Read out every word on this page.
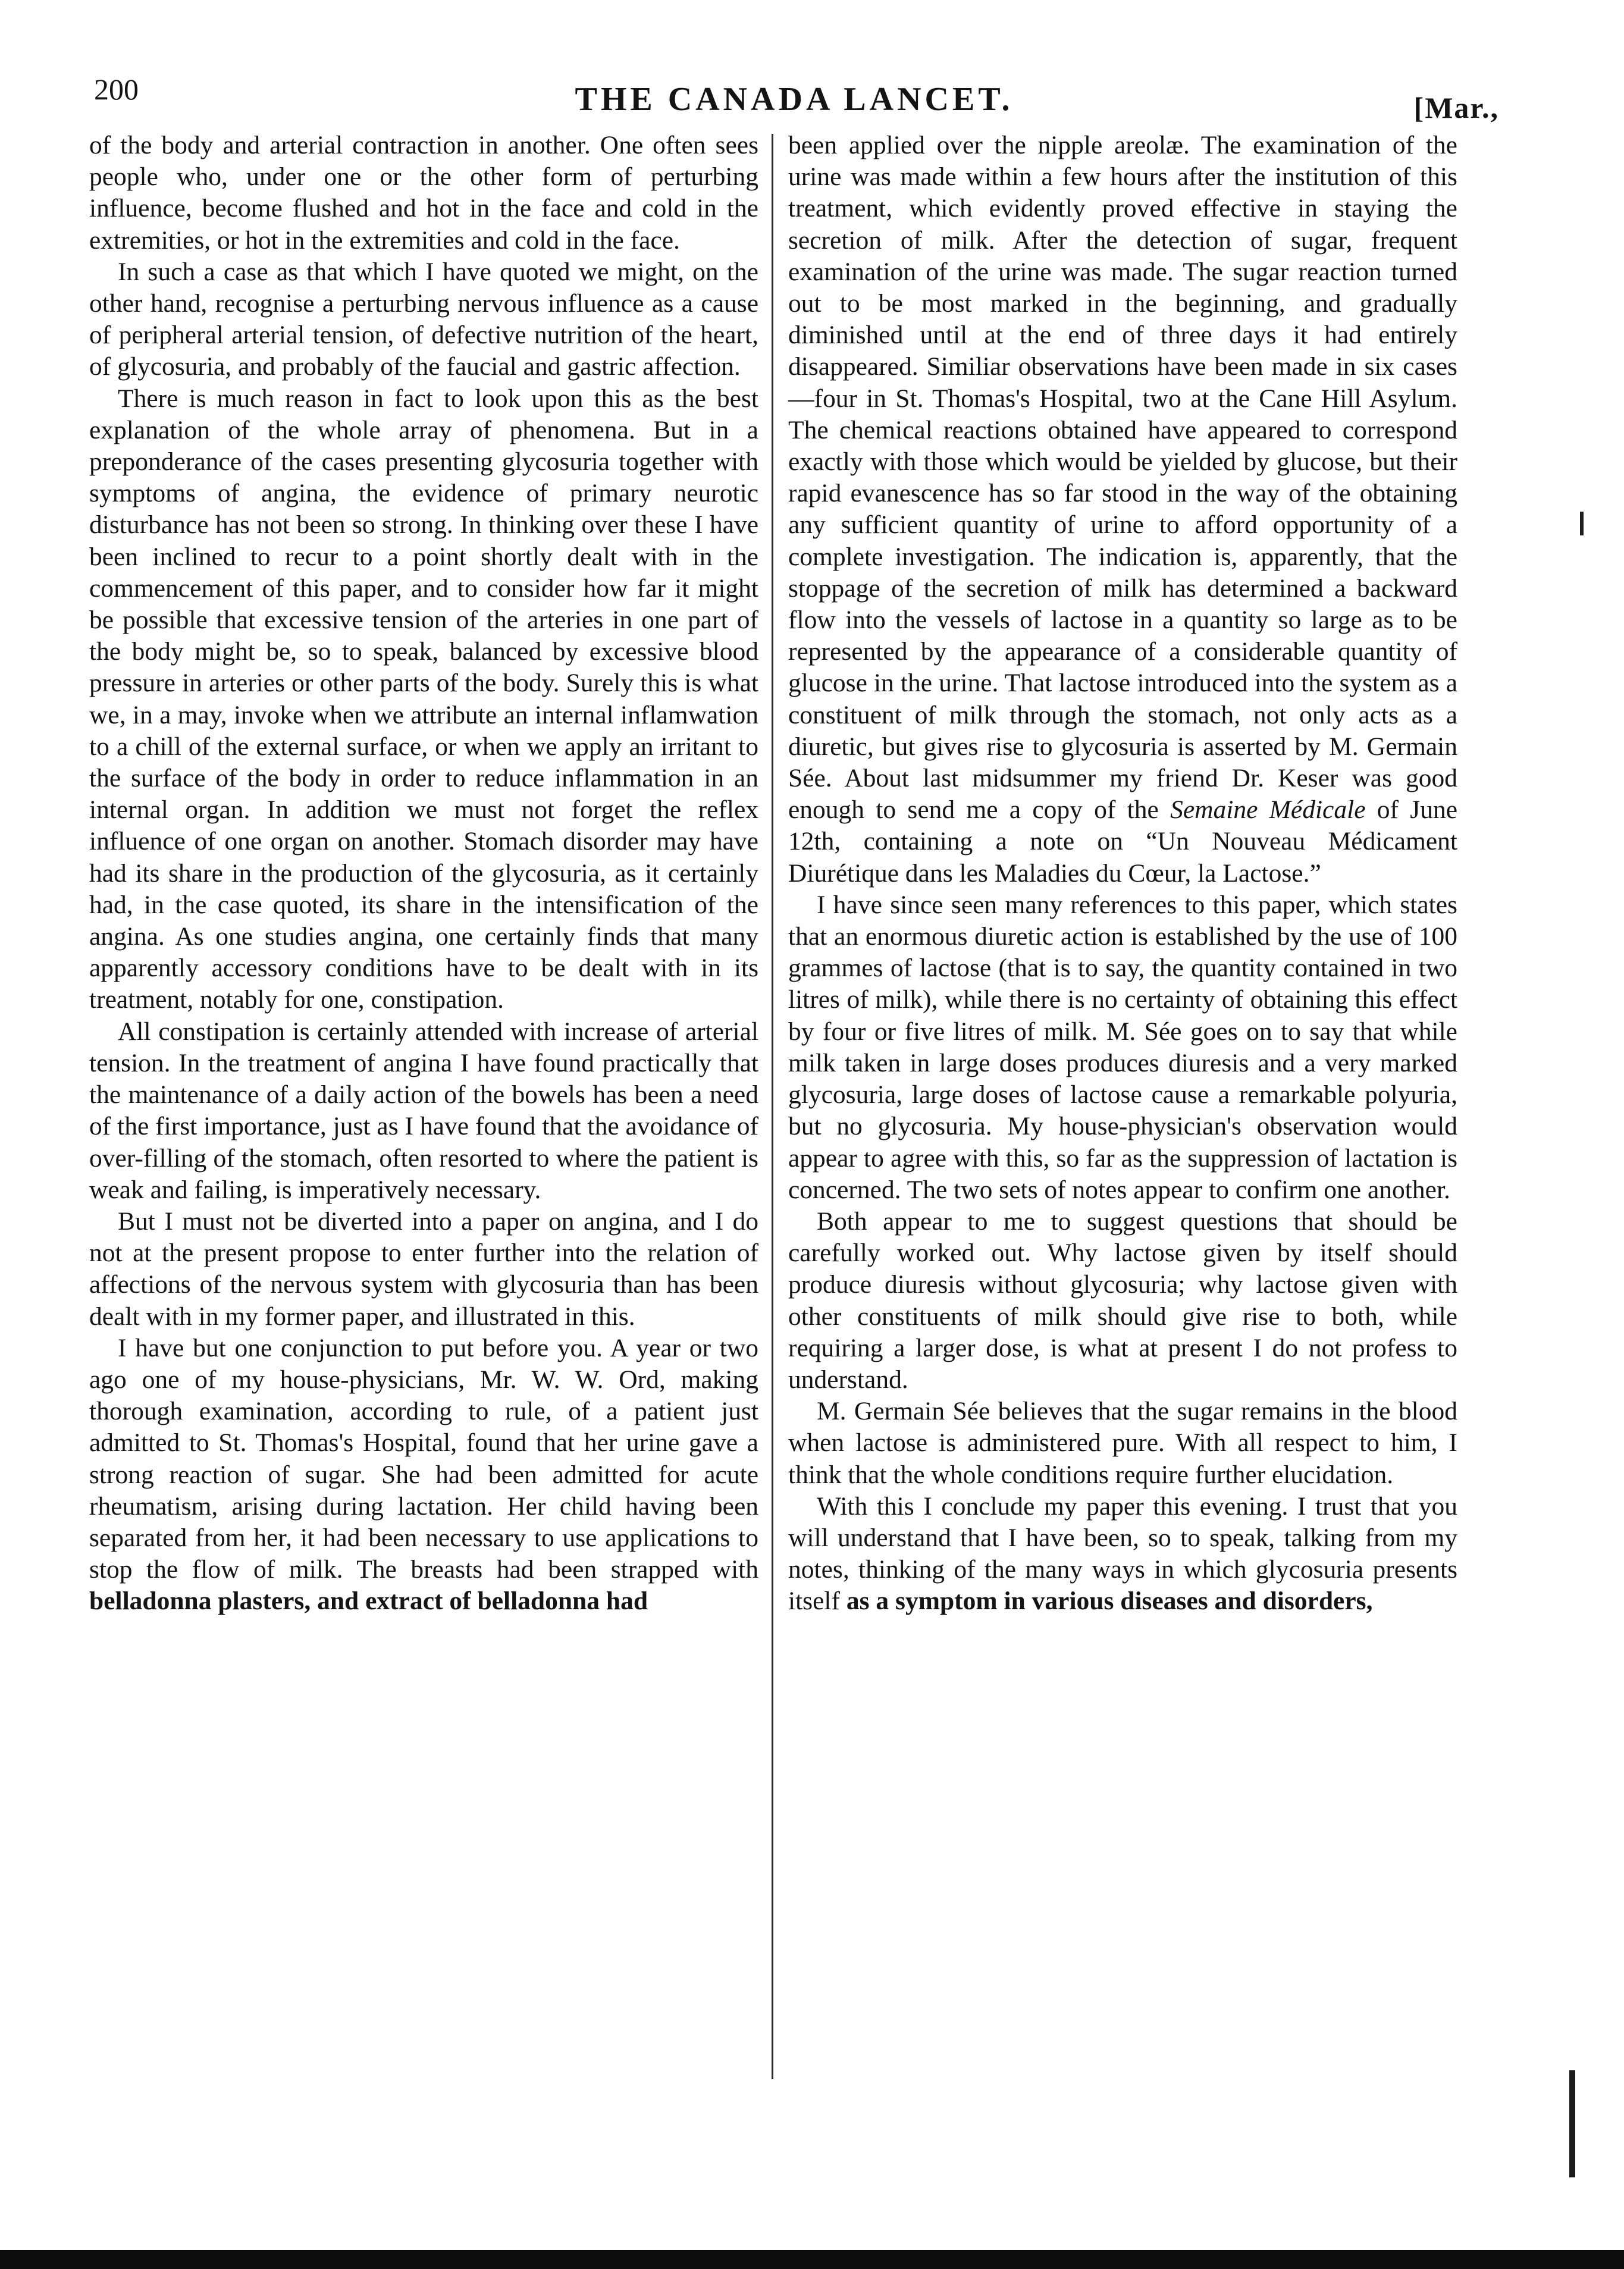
200	THE CANADA LANCET.	[Mar.,

of the body and arterial contraction in another. One often sees people who, under one or the other form of perturbing influence, become flushed and hot in the face and cold in the extremities, or hot in the extremities and cold in the face.

In such a case as that which I have quoted we might, on the other hand, recognise a perturbing nervous influence as a cause of peripheral arterial tension, of defective nutrition of the heart, of glycosuria, and probably of the faucial and gastric affection.

There is much reason in fact to look upon this as the best explanation of the whole array of phenomena. But in a preponderance of the cases presenting glycosuria together with symptoms of angina, the evidence of primary neurotic disturbance has not been so strong. In thinking over these I have been inclined to recur to a point shortly dealt with in the commencement of this paper, and to consider how far it might be possible that excessive tension of the arteries in one part of the body might be, so to speak, balanced by excessive blood pressure in arteries or other parts of the body. Surely this is what we, in a may, invoke when we attribute an internal inflamwation to a chill of the external surface, or when we apply an irritant to the surface of the body in order to reduce inflammation in an internal organ. In addition we must not forget the reflex influence of one organ on another. Stomach disorder may have had its share in the production of the glycosuria, as it certainly had, in the case quoted, its share in the intensification of the angina. As one studies angina, one certainly finds that many apparently accessory conditions have to be dealt with in its treatment, notably for one, constipation.

All constipation is certainly attended with increase of arterial tension. In the treatment of angina I have found practically that the maintenance of a daily action of the bowels has been a need of the first importance, just as I have found that the avoidance of over-filling of the stomach, often resorted to where the patient is weak and failing, is imperatively necessary.

But I must not be diverted into a paper on angina, and I do not at the present propose to enter further into the relation of affections of the nervous system with glycosuria than has been dealt with in my former paper, and illustrated in this.

I have but one conjunction to put before you. A year or two ago one of my house-physicians, Mr. W. W. Ord, making thorough examination, according to rule, of a patient just admitted to St. Thomas's Hospital, found that her urine gave a strong reaction of sugar. She had been admitted for acute rheumatism, arising during lactation. Her child having been separated from her, it had been necessary to use applications to stop the flow of milk. The breasts had been strapped with belladonna plasters, and extract of belladonna had

been applied over the nipple areolæ. The examination of the urine was made within a few hours after the institution of this treatment, which evidently proved effective in staying the secretion of milk. After the detection of sugar, frequent examination of the urine was made. The sugar reaction turned out to be most marked in the beginning, and gradually diminished until at the end of three days it had entirely disappeared. Similiar observations have been made in six cases —four in St. Thomas's Hospital, two at the Cane Hill Asylum. The chemical reactions obtained have appeared to correspond exactly with those which would be yielded by glucose, but their rapid evanescence has so far stood in the way of the obtaining any sufficient quantity of urine to afford opportunity of a complete investigation. The indication is, apparently, that the stoppage of the secretion of milk has determined a backward flow into the vessels of lactose in a quantity so large as to be represented by the appearance of a considerable quantity of glucose in the urine. That lactose introduced into the system as a constituent of milk through the stomach, not only acts as a diuretic, but gives rise to glycosuria is asserted by M. Germain Sée. About last midsummer my friend Dr. Keser was good enough to send me a copy of the Semaine Médicale of June 12th, containing a note on “Un Nouveau Médicament Diurétique dans les Maladies du Cœur, la Lactose.”

I have since seen many references to this paper, which states that an enormous diuretic action is established by the use of 100 grammes of lactose (that is to say, the quantity contained in two litres of milk), while there is no certainty of obtaining this effect by four or five litres of milk. M. Sée goes on to say that while milk taken in large doses produces diuresis and a very marked glycosuria, large doses of lactose cause a remarkable polyuria, but no glycosuria. My house-physician's observation would appear to agree with this, so far as the suppression of lactation is concerned. The two sets of notes appear to confirm one another.

Both appear to me to suggest questions that should be carefully worked out. Why lactose given by itself should produce diuresis without glycosuria; why lactose given with other constituents of milk should give rise to both, while requiring a larger dose, is what at present I do not profess to understand.

M. Germain Sée believes that the sugar remains in the blood when lactose is administered pure. With all respect to him, I think that the whole conditions require further elucidation.

With this I conclude my paper this evening. I trust that you will understand that I have been, so to speak, talking from my notes, thinking of the many ways in which glycosuria presents itself as a symptom in various diseases and disorders,
